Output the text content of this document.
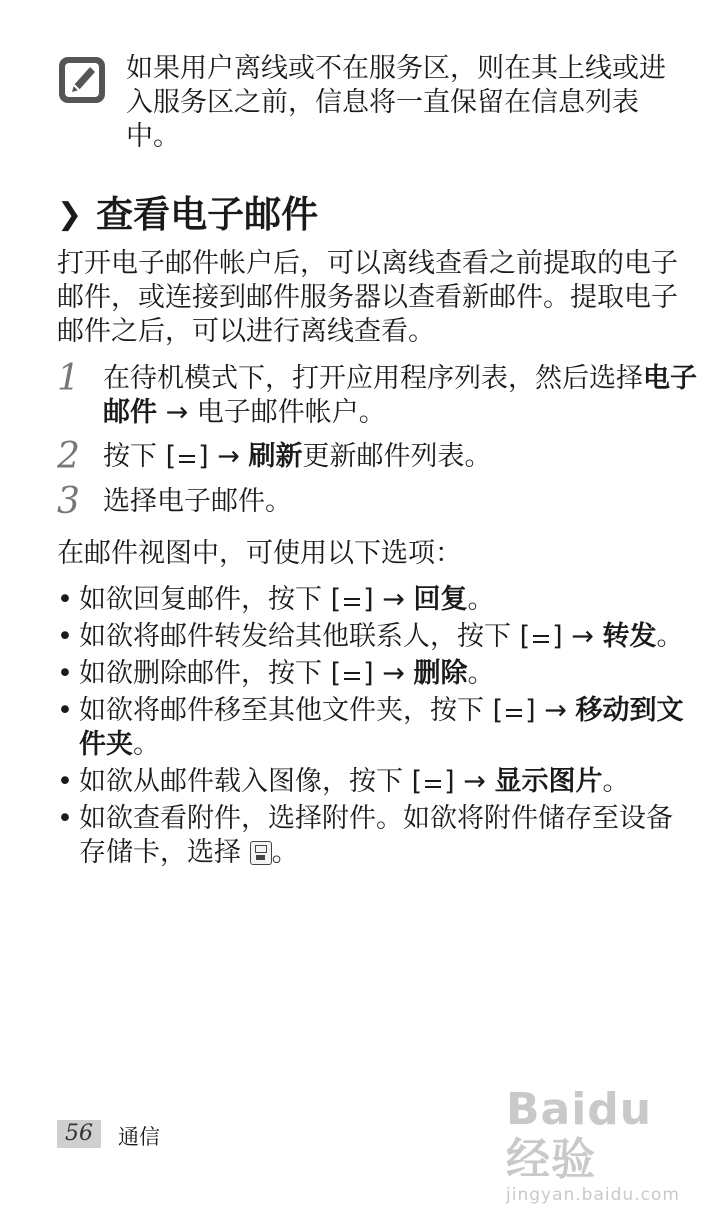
如果用户离线或不在服务区，则在其上线或进入服务区之前，信息将一直保留在信息列表中。
❯ 查看电子邮件
打开电子邮件帐户后，可以离线查看之前提取的电子邮件，或连接到邮件服务器以查看新邮件。提取电子邮件之后，可以进行离线查看。
1 在待机模式下，打开应用程序列表，然后选择电子邮件 → 电子邮件帐户。
2 按下 [ ] → 刷新更新邮件列表。
3 选择电子邮件。
在邮件视图中，可使用以下选项：
• 如欲回复邮件，按下 [ ] → 回复。
• 如欲将邮件转发给其他联系人，按下 [ ] → 转发。
• 如欲删除邮件，按下 [ ] → 删除。
• 如欲将邮件移至其他文件夹，按下 [ ] → 移动到文件夹。
• 如欲从邮件载入图像，按下 [ ] → 显示图片。
• 如欲查看附件，选择附件。如欲将附件储存至设备存储卡，选择 。
56	通信
Baidu经验
jingyan.baidu.com
